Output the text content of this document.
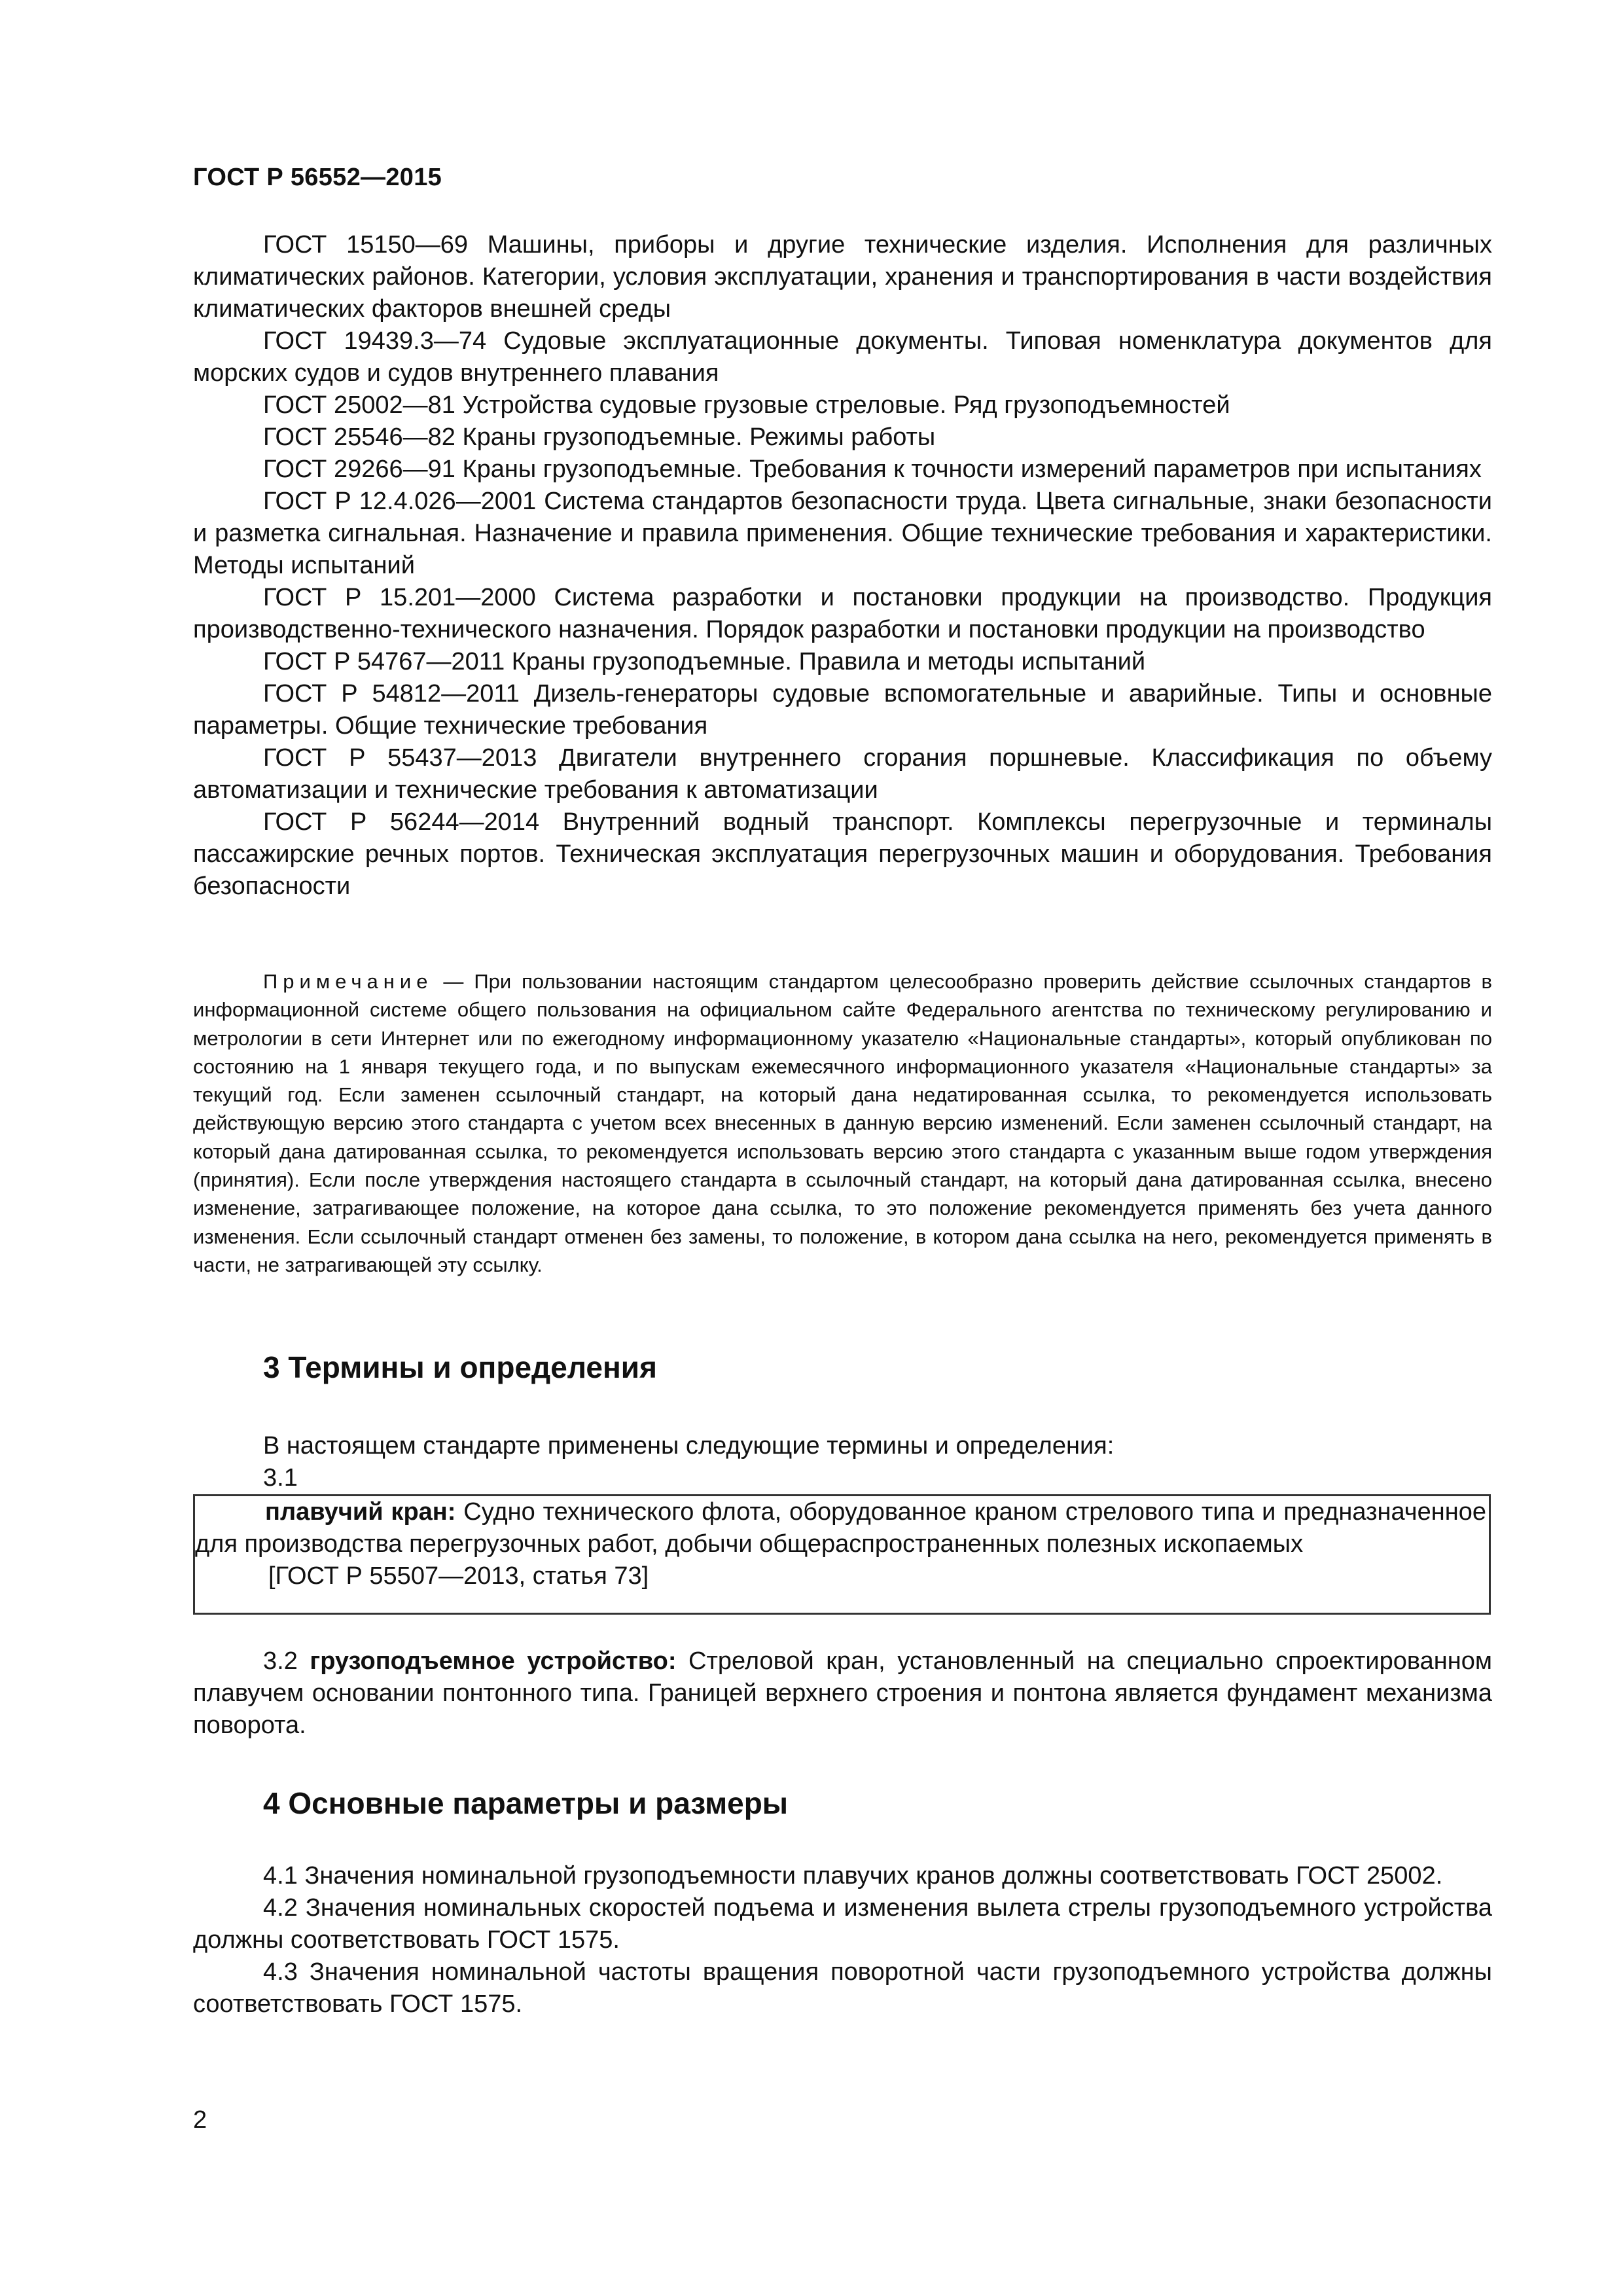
ГОСТ Р 56552—2015

ГОСТ 15150—69 Машины, приборы и другие технические изделия. Исполнения для различных климатических районов. Категории, условия эксплуатации, хранения и транспортирования в части воздействия климатических факторов внешней среды

ГОСТ 19439.3—74 Судовые эксплуатационные документы. Типовая номенклатура документов для морских судов и судов внутреннего плавания

ГОСТ 25002—81 Устройства судовые грузовые стреловые. Ряд грузоподъемностей

ГОСТ 25546—82 Краны грузоподъемные. Режимы работы

ГОСТ 29266—91 Краны грузоподъемные. Требования к точности измерений параметров при испытаниях

ГОСТ Р 12.4.026—2001 Система стандартов безопасности труда. Цвета сигнальные, знаки безопасности и разметка сигнальная. Назначение и правила применения. Общие технические требования и характеристики. Методы испытаний

ГОСТ Р 15.201—2000 Система разработки и постановки продукции на производство. Продукция производственно-технического назначения. Порядок разработки и постановки продукции на производство

ГОСТ Р 54767—2011 Краны грузоподъемные. Правила и методы испытаний

ГОСТ Р 54812—2011 Дизель-генераторы судовые вспомогательные и аварийные. Типы и основные параметры. Общие технические требования

ГОСТ Р 55437—2013 Двигатели внутреннего сгорания поршневые. Классификация по объему автоматизации и технические требования к автоматизации

ГОСТ Р 56244—2014 Внутренний водный транспорт. Комплексы перегрузочные и терминалы пассажирские речных портов. Техническая эксплуатация перегрузочных машин и оборудования. Требования безопасности

Примечание — При пользовании настоящим стандартом целесообразно проверить действие ссылочных стандартов в информационной системе общего пользования на официальном сайте Федерального агентства по техническому регулированию и метрологии в сети Интернет или по ежегодному информационному указателю «Национальные стандарты», который опубликован по состоянию на 1 января текущего года, и по выпускам ежемесячного информационного указателя «Национальные стандарты» за текущий год. Если заменен ссылочный стандарт, на который дана недатированная ссылка, то рекомендуется использовать действующую версию этого стандарта с учетом всех внесенных в данную версию изменений. Если заменен ссылочный стандарт, на который дана датированная ссылка, то рекомендуется использовать версию этого стандарта с указанным выше годом утверждения (принятия). Если после утверждения настоящего стандарта в ссылочный стандарт, на который дана датированная ссылка, внесено изменение, затрагивающее положение, на которое дана ссылка, то это положение рекомендуется применять без учета данного изменения. Если ссылочный стандарт отменен без замены, то положение, в котором дана ссылка на него, рекомендуется применять в части, не затрагивающей эту ссылку.

3 Термины и определения
В настоящем стандарте применены следующие термины и определения:
3.1

плавучий кран: Судно технического флота, оборудованное краном стрелового типа и предназначенное для производства перегрузочных работ, добычи общераспространенных полезных ископаемых

[ГОСТ Р 55507—2013, статья 73]

3.2 грузоподъемное устройство: Стреловой кран, установленный на специально спроектированном плавучем основании понтонного типа. Границей верхнего строения и понтона является фундамент механизма поворота.

4 Основные параметры и размеры

4.1 Значения номинальной грузоподъемности плавучих кранов должны соответствовать ГОСТ 25002.

4.2 Значения номинальных скоростей подъема и изменения вылета стрелы грузоподъемного устройства должны соответствовать ГОСТ 1575.

4.3 Значения номинальной частоты вращения поворотной части грузоподъемного устройства должны соответствовать ГОСТ 1575.

2
